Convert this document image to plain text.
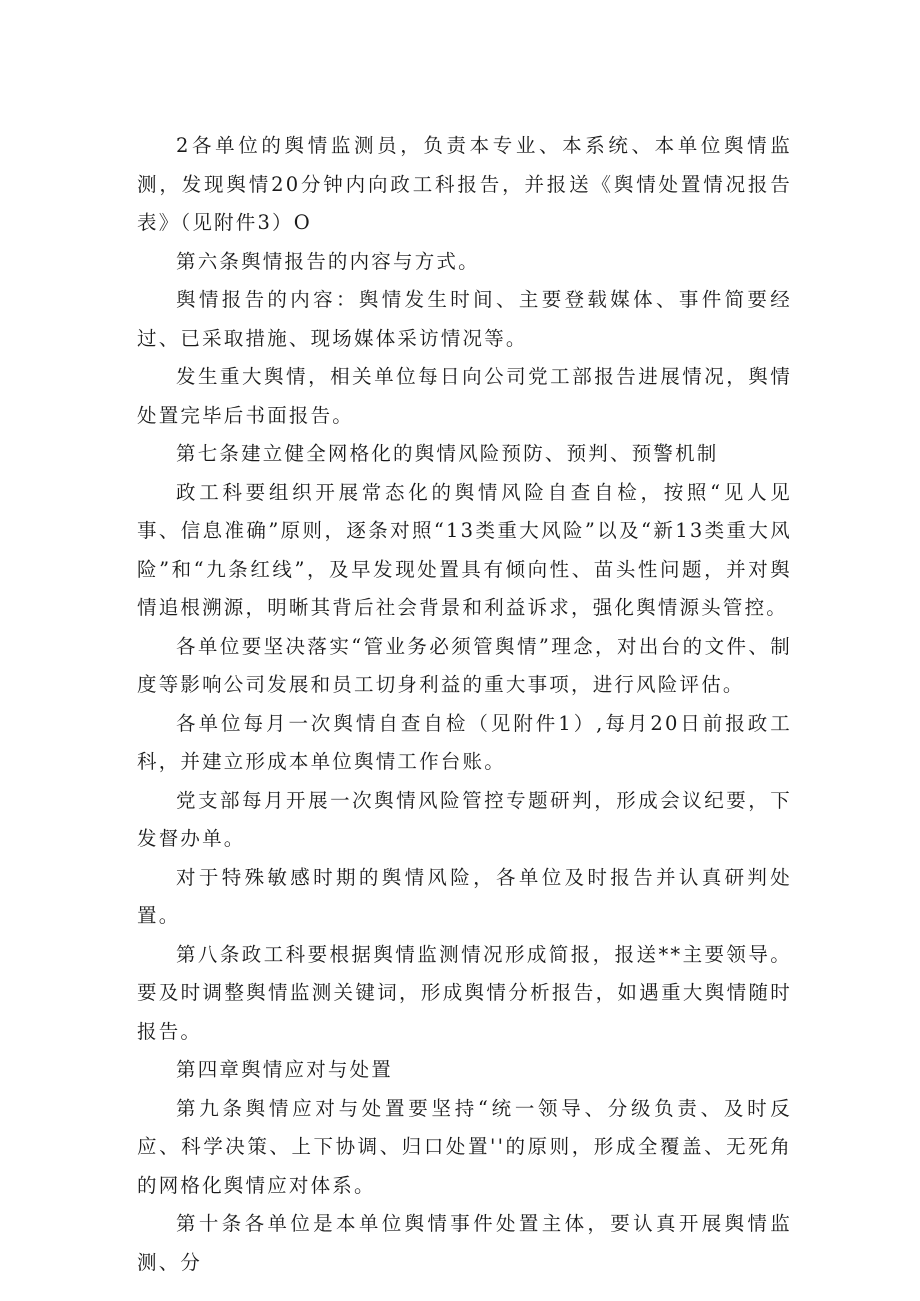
2各单位的舆情监测员，负责本专业、本系统、本单位舆情监测，发现舆情20分钟内向政工科报告，并报送《舆情处置情况报告表》（见附件3）O

第六条舆情报告的内容与方式。

舆情报告的内容：舆情发生时间、主要登载媒体、事件简要经过、已采取措施、现场媒体采访情况等。

发生重大舆情，相关单位每日向公司党工部报告进展情况，舆情处置完毕后书面报告。

第七条建立健全网格化的舆情风险预防、预判、预警机制

政工科要组织开展常态化的舆情风险自查自检，按照“见人见事、信息准确”原则，逐条对照“13类重大风险”以及“新13类重大风险”和“九条红线”，及早发现处置具有倾向性、苗头性问题，并对舆情追根溯源，明晰其背后社会背景和利益诉求，强化舆情源头管控。

各单位要坚决落实“管业务必须管舆情”理念，对出台的文件、制度等影响公司发展和员工切身利益的重大事项，进行风险评估。

各单位每月一次舆情自查自检（见附件1）,每月20日前报政工科，并建立形成本单位舆情工作台账。

党支部每月开展一次舆情风险管控专题研判，形成会议纪要，下发督办单。

对于特殊敏感时期的舆情风险，各单位及时报告并认真研判处置。

第八条政工科要根据舆情监测情况形成简报，报送**主要领导。要及时调整舆情监测关键词，形成舆情分析报告，如遇重大舆情随时报告。

第四章舆情应对与处置

第九条舆情应对与处置要坚持“统一领导、分级负责、及时反应、科学决策、上下协调、归口处置''的原则，形成全覆盖、无死角的网格化舆情应对体系。

第十条各单位是本单位舆情事件处置主体，要认真开展舆情监测、分
